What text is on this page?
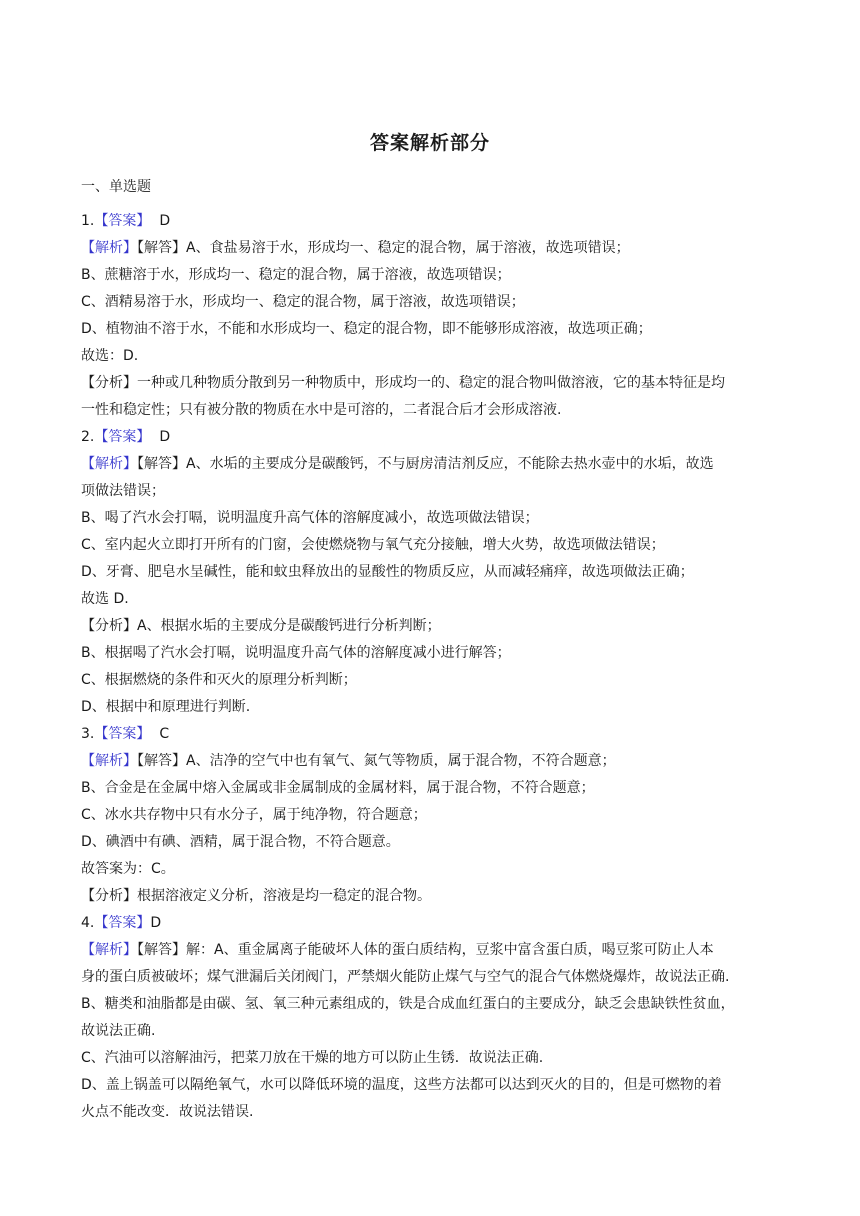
答案解析部分
一、单选题
1.【答案】 D
【解析】【解答】A、食盐易溶于水，形成均一、稳定的混合物，属于溶液，故选项错误；
B、蔗糖溶于水，形成均一、稳定的混合物，属于溶液，故选项错误；
C、酒精易溶于水，形成均一、稳定的混合物，属于溶液，故选项错误；
D、植物油不溶于水，不能和水形成均一、稳定的混合物，即不能够形成溶液，故选项正确；
故选：D.
【分析】一种或几种物质分散到另一种物质中，形成均一的、稳定的混合物叫做溶液，它的基本特征是均
一性和稳定性；只有被分散的物质在水中是可溶的，二者混合后才会形成溶液.
2.【答案】 D
【解析】【解答】A、水垢的主要成分是碳酸钙，不与厨房清洁剂反应，不能除去热水壶中的水垢，故选
项做法错误；
B、喝了汽水会打嗝，说明温度升高气体的溶解度减小，故选项做法错误；
C、室内起火立即打开所有的门窗，会使燃烧物与氧气充分接触，增大火势，故选项做法错误；
D、牙膏、肥皂水呈碱性，能和蚊虫释放出的显酸性的物质反应，从而减轻痛痒，故选项做法正确；
故选 D.
【分析】A、根据水垢的主要成分是碳酸钙进行分析判断；
B、根据喝了汽水会打嗝，说明温度升高气体的溶解度减小进行解答；
C、根据燃烧的条件和灭火的原理分析判断；
D、根据中和原理进行判断.
3.【答案】 C
【解析】【解答】A、洁净的空气中也有氧气、氮气等物质，属于混合物，不符合题意；
B、合金是在金属中熔入金属或非金属制成的金属材料，属于混合物，不符合题意；
C、冰水共存物中只有水分子，属于纯净物，符合题意；
D、碘酒中有碘、酒精，属于混合物，不符合题意。
故答案为：C。
【分析】根据溶液定义分析，溶液是均一稳定的混合物。
4.【答案】D
【解析】【解答】解：A、重金属离子能破坏人体的蛋白质结构，豆浆中富含蛋白质，喝豆浆可防止人本
身的蛋白质被破坏；煤气泄漏后关闭阀门，严禁烟火能防止煤气与空气的混合气体燃烧爆炸，故说法正确.
B、糖类和油脂都是由碳、氢、氧三种元素组成的，铁是合成血红蛋白的主要成分，缺乏会患缺铁性贫血，
故说法正确.
C、汽油可以溶解油污，把菜刀放在干燥的地方可以防止生锈．故说法正确.
D、盖上锅盖可以隔绝氧气，水可以降低环境的温度，这些方法都可以达到灭火的目的，但是可燃物的着
火点不能改变．故说法错误.
